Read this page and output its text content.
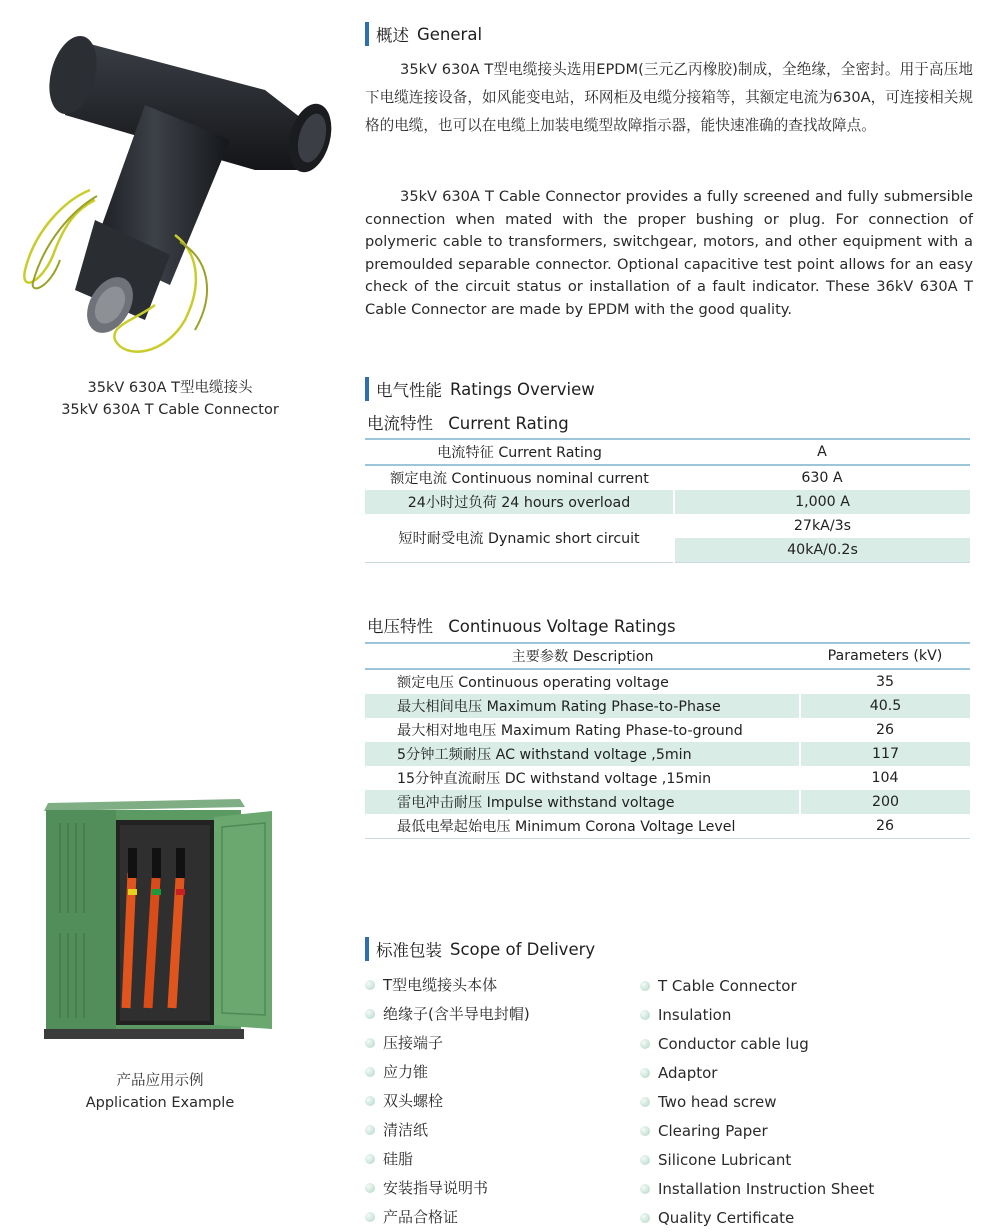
35kV 630A T型电缆接头
35kV 630A T Cable Connector
概述 General
35kV 630A T型电缆接头选用EPDM(三元乙丙橡胶)制成，全绝缘，全密封。用于高压地下电缆连接设备，如风能变电站，环网柜及电缆分接箱等，其额定电流为630A，可连接相关规格的电缆，也可以在电缆上加装电缆型故障指示器，能快速准确的查找故障点。
35kV 630A T Cable Connector provides a fully screened and fully submersible connection when mated with the proper bushing or plug. For connection of polymeric cable to transformers, switchgear, motors, and other equipment with a premoulded separable connector. Optional capacitive test point allows for an easy check of the circuit status or installation of a fault indicator. These 36kV 630A T Cable Connector are made by EPDM with the good quality.
电气性能 Ratings Overview
电流特性 Current Rating
电流特征 Current Rating	A
额定电流 Continuous nominal current	630 A
24小时过负荷 24 hours overload	1,000 A
短时耐受电流 Dynamic short circuit	27kA/3s
	40kA/0.2s
电压特性 Continuous Voltage Ratings
主要参数 Description	Parameters (kV)
额定电压 Continuous operating voltage	35
最大相间电压 Maximum Rating Phase-to-Phase	40.5
最大相对地电压 Maximum Rating Phase-to-ground	26
5分钟工频耐压 AC withstand voltage ,5min	117
15分钟直流耐压 DC withstand voltage ,15min	104
雷电冲击耐压 Impulse withstand voltage	200
最低电晕起始电压 Minimum Corona Voltage Level	26
产品应用示例
Application Example
标准包装 Scope of Delivery
T型电缆接头本体
绝缘子(含半导电封帽)
压接端子
应力锥
双头螺栓
清洁纸
硅脂
安装指导说明书
产品合格证
T Cable Connector
Insulation
Conductor cable lug
Adaptor
Two head screw
Clearing Paper
Silicone Lubricant
Installation Instruction Sheet
Quality Certificate
